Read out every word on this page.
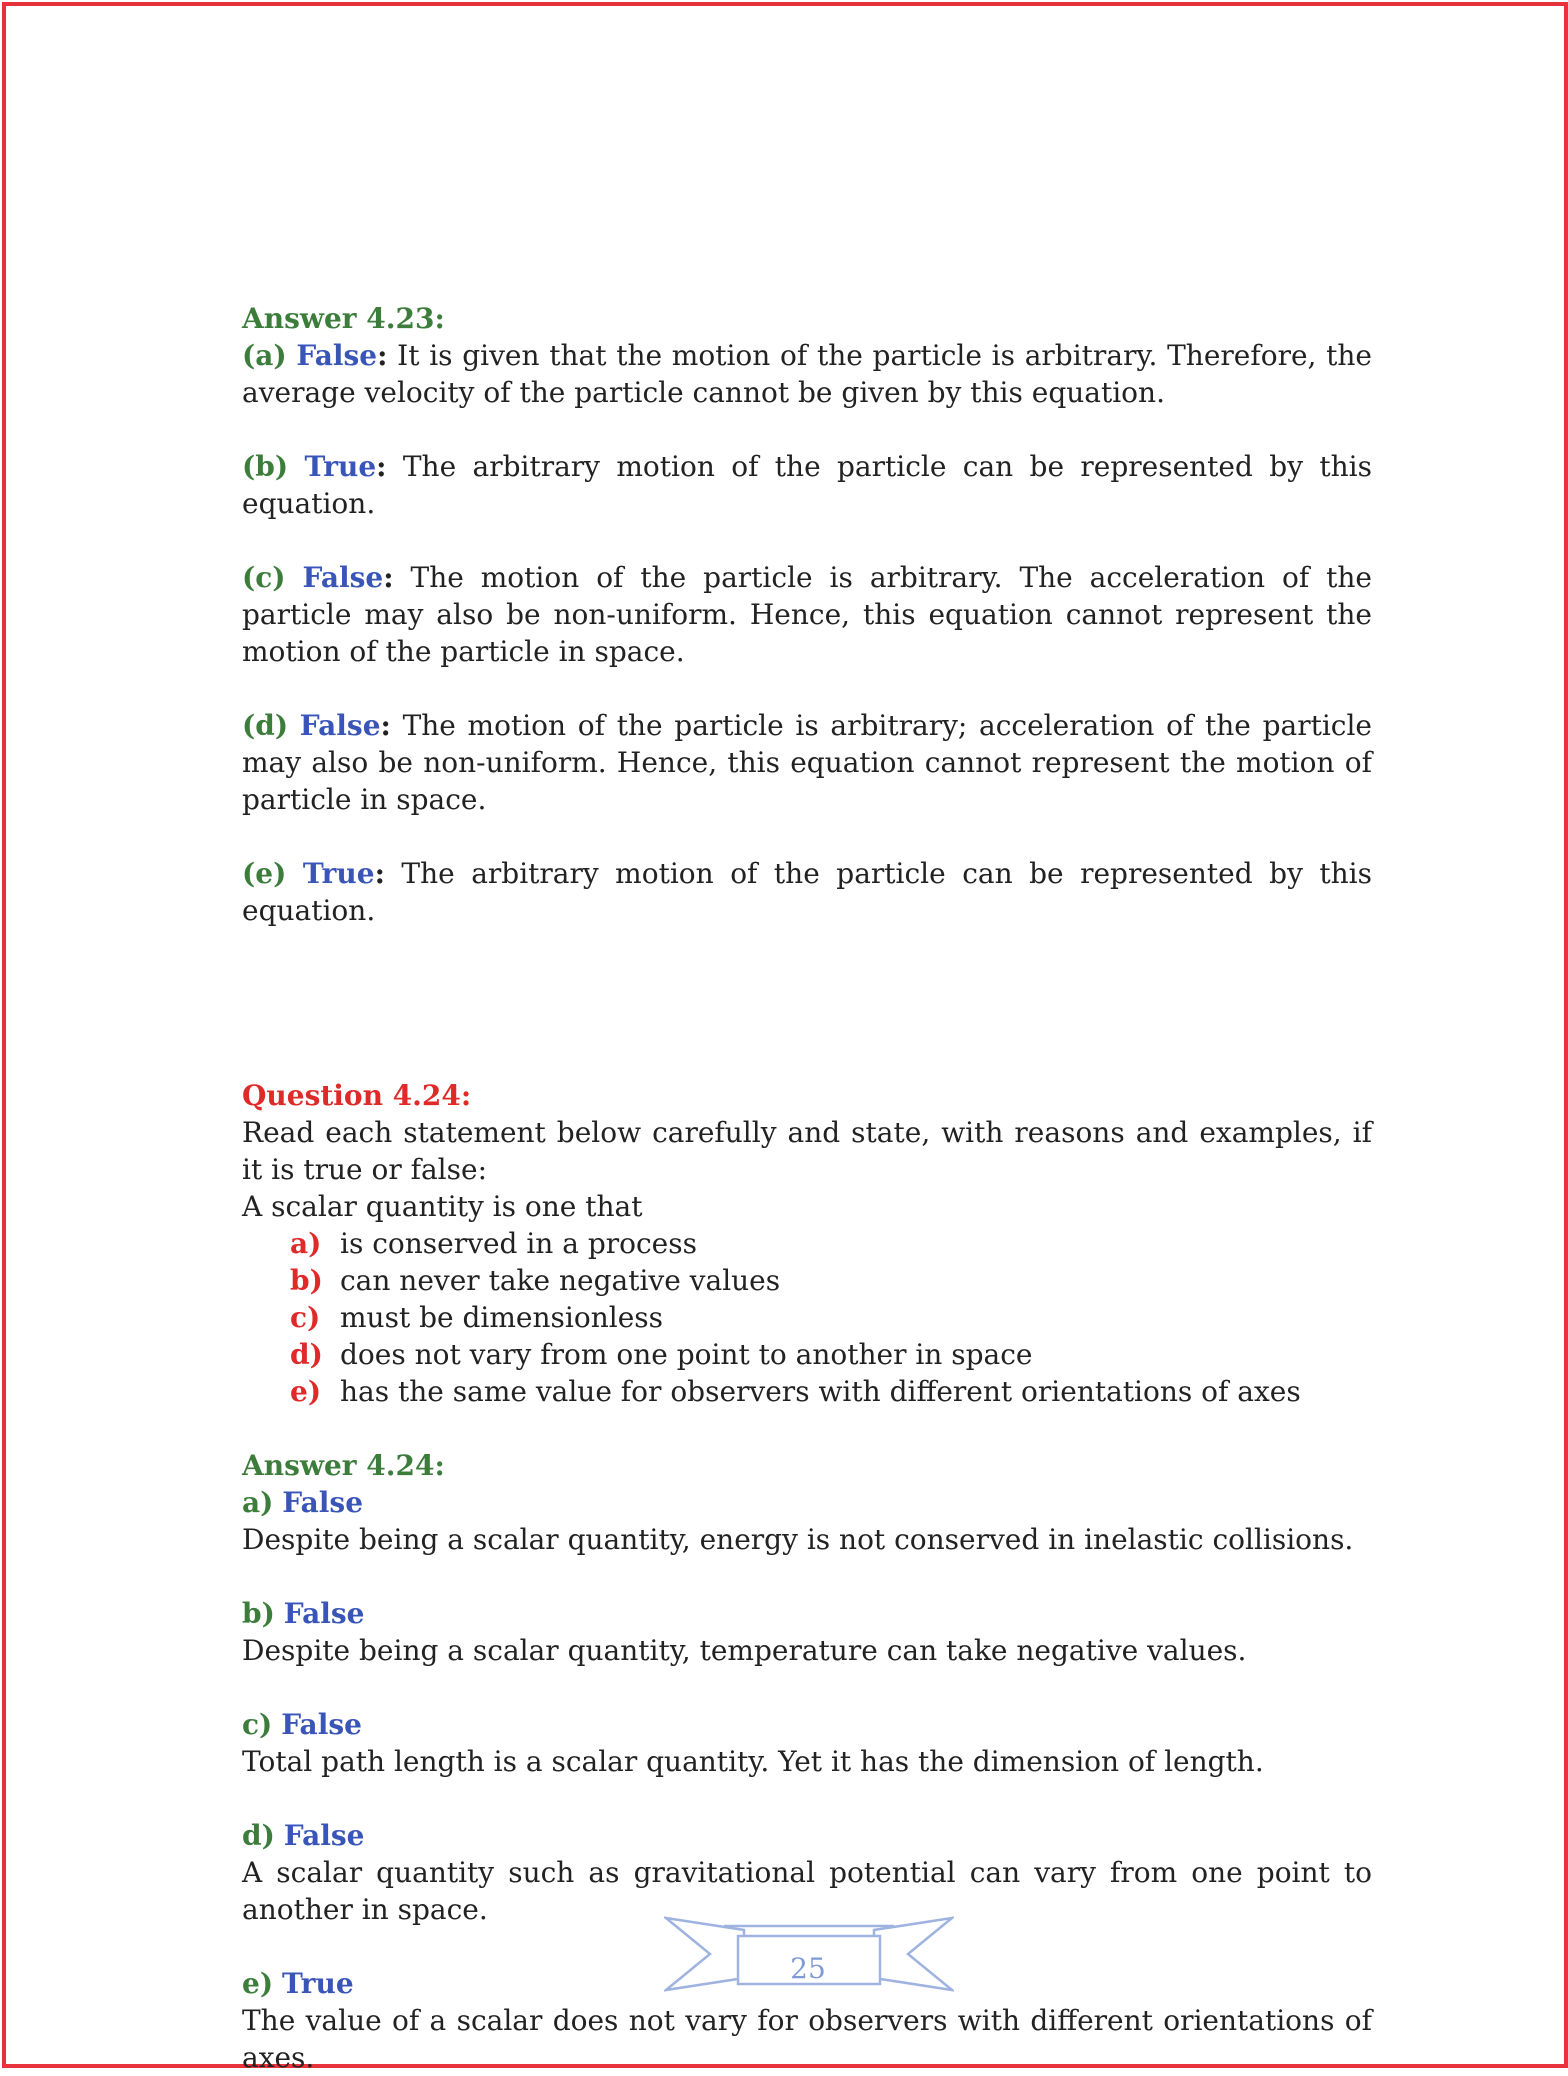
Answer 4.23:

(a) False: It is given that the motion of the particle is arbitrary. Therefore, the average velocity of the particle cannot be given by this equation.

(b) True: The arbitrary motion of the particle can be represented by this equation.

(c) False: The motion of the particle is arbitrary. The acceleration of the particle may also be non-uniform. Hence, this equation cannot represent the motion of the particle in space.

(d) False: The motion of the particle is arbitrary; acceleration of the particle may also be non-uniform. Hence, this equation cannot represent the motion of particle in space.

(e) True: The arbitrary motion of the particle can be represented by this equation.

Question 4.24:

Read each statement below carefully and state, with reasons and examples, if it is true or false:

A scalar quantity is one that

a) is conserved in a process
b) can never take negative values
c) must be dimensionless
d) does not vary from one point to another in space
e) has the same value for observers with different orientations of axes

Answer 4.24:

a) False

Despite being a scalar quantity, energy is not conserved in inelastic collisions.

b) False

Despite being a scalar quantity, temperature can take negative values.

c) False

Total path length is a scalar quantity. Yet it has the dimension of length.

d) False

A scalar quantity such as gravitational potential can vary from one point to another in space.

e) True

The value of a scalar does not vary for observers with different orientations of axes.

25
